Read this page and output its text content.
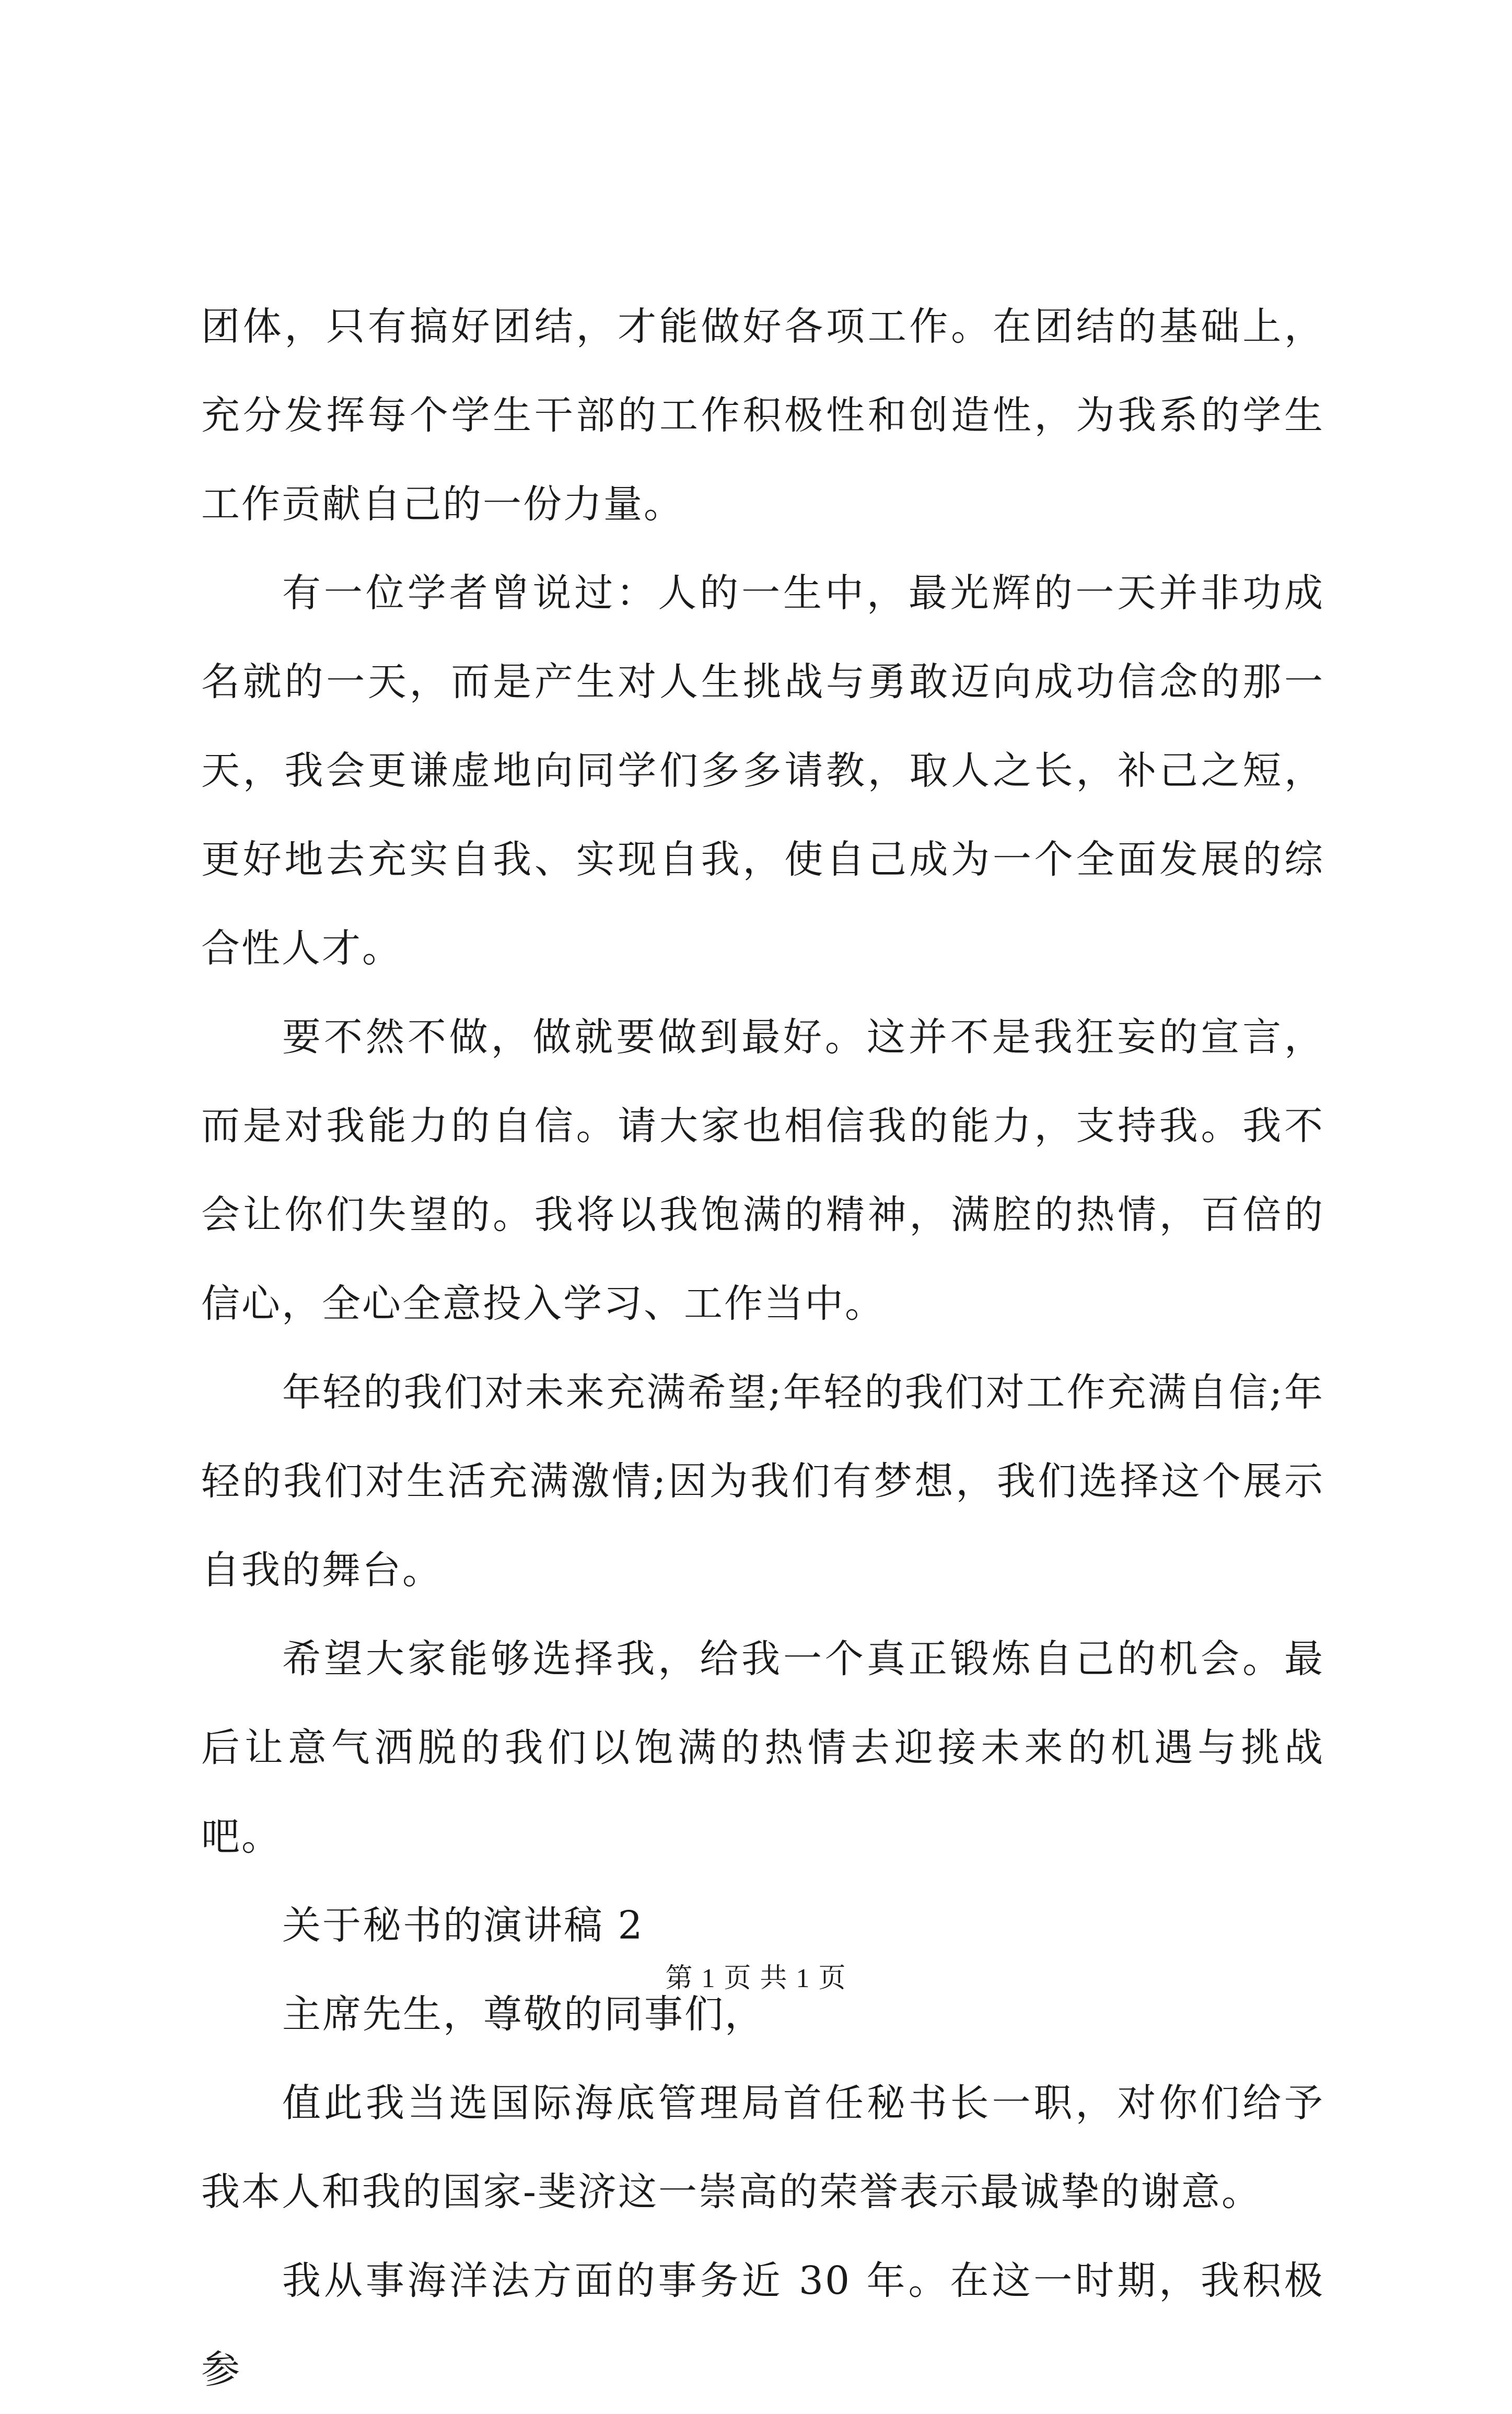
团体，只有搞好团结，才能做好各项工作。在团结的基础上，充分发挥每个学生干部的工作积极性和创造性，为我系的学生工作贡献自己的一份力量。

有一位学者曾说过：人的一生中，最光辉的一天并非功成名就的一天，而是产生对人生挑战与勇敢迈向成功信念的那一天，我会更谦虚地向同学们多多请教，取人之长，补己之短，更好地去充实自我、实现自我，使自己成为一个全面发展的综合性人才。

要不然不做，做就要做到最好。这并不是我狂妄的宣言，而是对我能力的自信。请大家也相信我的能力，支持我。我不会让你们失望的。我将以我饱满的精神，满腔的热情，百倍的信心，全心全意投入学习、工作当中。

年轻的我们对未来充满希望;年轻的我们对工作充满自信;年轻的我们对生活充满激情;因为我们有梦想，我们选择这个展示自我的舞台。

希望大家能够选择我，给我一个真正锻炼自己的机会。最后让意气洒脱的我们以饱满的热情去迎接未来的机遇与挑战吧。

关于秘书的演讲稿 2

主席先生，尊敬的同事们，

值此我当选国际海底管理局首任秘书长一职，对你们给予我本人和我的国家-斐济这一崇高的荣誉表示最诚挚的谢意。

我从事海洋法方面的事务近 30 年。在这一时期，我积极参

第 1 页 共 1 页
